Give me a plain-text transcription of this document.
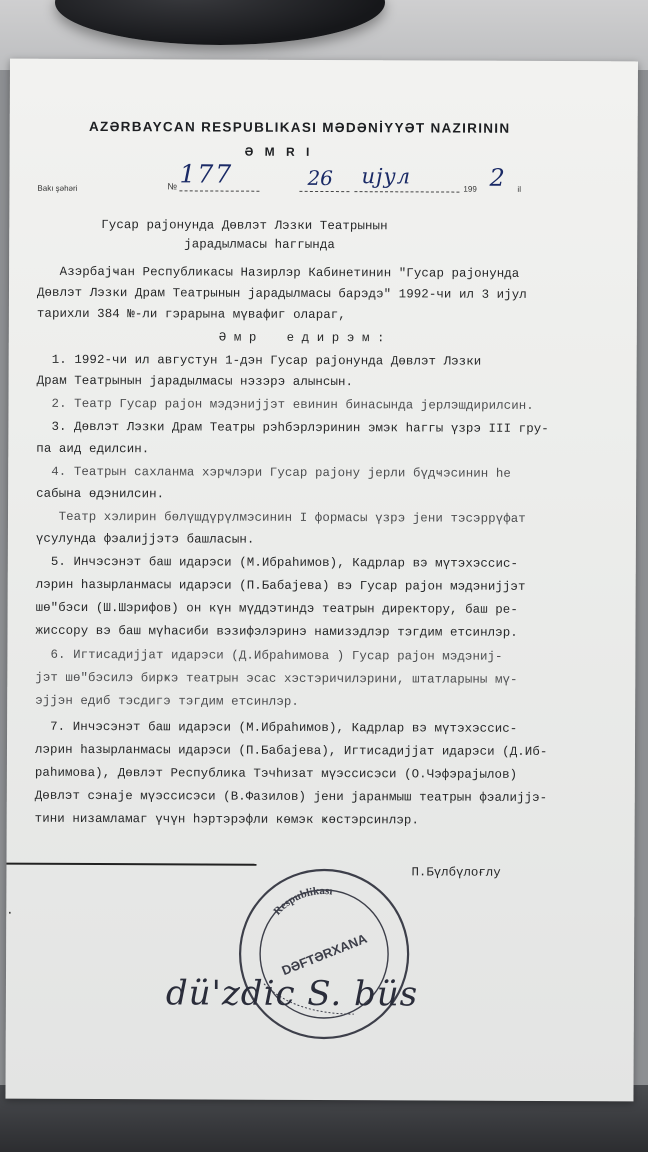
AZƏRBAYCAN RESPUBLIKASI MƏDƏNİYYƏT NAZIRININ
Ə M R I
Bakı şəhəri	№ 177	26 ијул
199 2 il
Гусар рајонунда Дөвлэт Лэзки Театрынын
јарадылмасы һаггында
Азэрбајҹан Республикасы Назирлэр Кабинетинин "Гусар рајонунда
Дөвлэт Лэзки Драм Театрынын јарадылмасы барэдэ" 1992-чи ил 3 ијул
тарихли 384 №-ли гэрарына мүвафиг олараг,
Ә м р    е д и р э м :
1. 1992-чи ил августун 1-дэн Гусар рајонунда Дөвлэт Лэзки
Драм Театрынын јарадылмасы нэзэрэ алынсын.
2. Театр Гусар рајон мэдэнијјэт евинин бинасында јерлэшдирилсин.
3. Дөвлэт Лэзки Драм Театры рэһбэрлэринин эмэк һаггы үзрэ III гру-
па аид едилсин.
4. Театрын сахланма хэрҹлэри Гусар рајону јерли бүдҹэсинин һе
сабына өдэнилсин.
Театр хэлирин бөлүшдүрүлмэсинин I формасы үзрэ јени тэсэррүфат
үсулунда фэалијјэтэ башласын.
5. Инчэсэнэт баш идарэси (М.Ибраһимов), Кадрлар вэ мүтэхэссис-
лэрин һазырланмасы идарэси (П.Бабајева) вэ Гусар рајон мэдэнијјэт
шө"бэси (Ш.Шэрифов) он күн мүддэтиндэ театрын директору, баш ре-
жиссору вэ баш мүһасиби вэзифэлэринэ намизэдлэр тэгдим етсинлэр.
6. Игтисадијјат идарэси (Д.Ибраһимова ) Гусар рајон мэдэниј-
јэт шө"бэсилэ бирҝэ театрын эсас хэстэричилэрини, штатларыны мү-
эјјэн едиб тэсдигэ тэгдим етсинлэр.
7. Инчэсэнэт баш идарэси (М.Ибраһимов), Кадрлар вэ мүтэхэссис-
лэрин һазырланмасы идарэси (П.Бабајева), Игтисадијјат идарэси (Д.Иб-
раһимова), Дөвлэт Республика Тэчһизат мүэссисэси (О.Чэфэрајылов)
Дөвлэт сэнаје мүэссисэси (В.Фазилов) јени јаранмыш театрын фэалијјэ-
тини низамламаг үчүн һэртэрэфли көмэк ҝөстэрсинлэр.
.
П.Бүлбүлоғлу
Respublikası
DƏFTƏRXANA
dü'zdic S. büs
